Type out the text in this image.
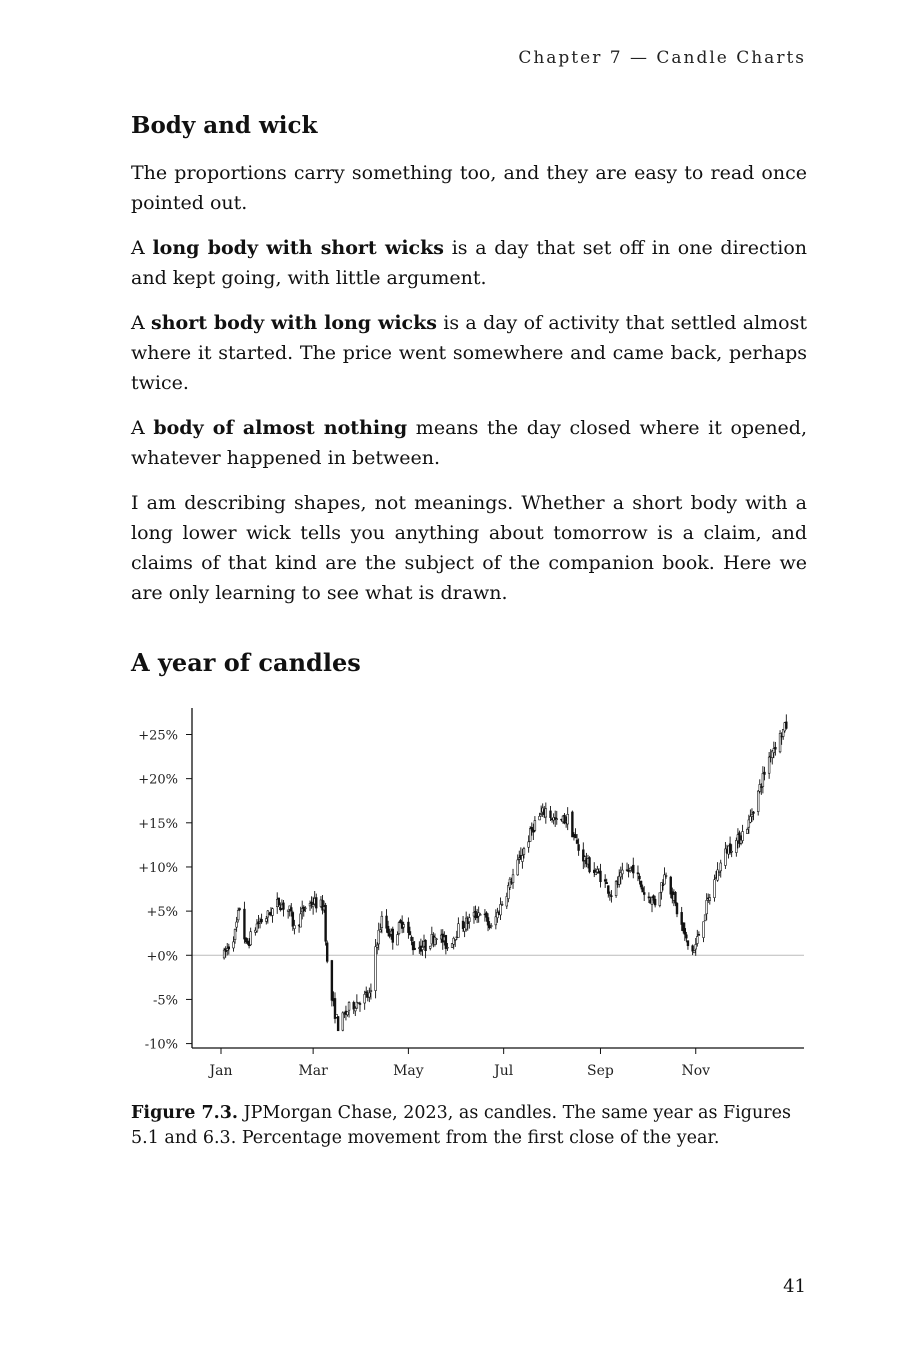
Chapter 7 — Candle Charts
Body and wick

The proportions carry something too, and they are easy to read once pointed out.

A long body with short wicks is a day that set off in one direction and kept going, with little argument.

A short body with long wicks is a day of activity that settled almost where it started. The price went somewhere and came back, perhaps twice.

A body of almost nothing means the day closed where it opened, whatever happened in between.

I am describing shapes, not meanings. Whether a short body with a long lower wick tells you anything about tomorrow is a claim, and claims of that kind are the subject of the companion book. Here we are only learning to see what is drawn.

A year of candles
-10%
-5%
+0%
+5%
+10%
+15%
+20%
+25%
Jan	Mar	May	Jul	Sep	Nov
Figure 7.3. JPMorgan Chase, 2023, as candles. The same year as Figures 5.1 and 6.3. Percentage movement from the first close of the year.
41
